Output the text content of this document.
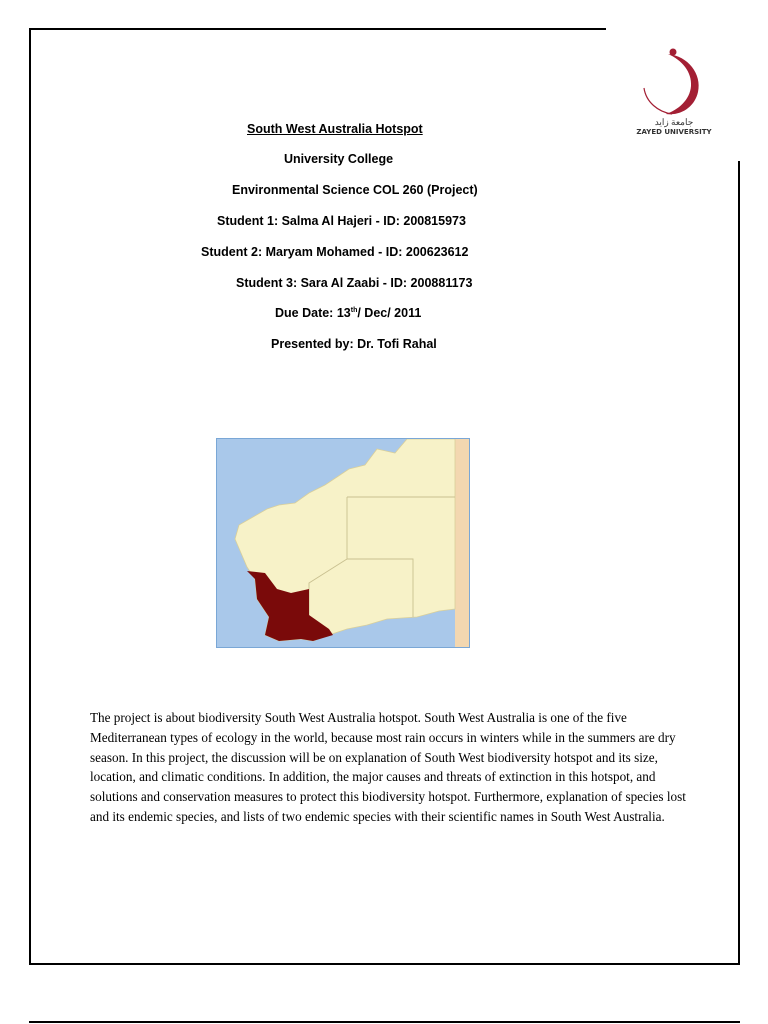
جامعة زايد
ZAYED UNIVERSITY
South West Australia Hotspot
University College
Environmental Science COL 260 (Project)
Student 1: Salma Al Hajeri - ID: 200815973
Student 2: Maryam Mohamed - ID: 200623612
Student 3: Sara Al Zaabi - ID: 200881173
Due Date: 13th/ Dec/ 2011
Presented by: Dr. Tofi Rahal

The project is about biodiversity South West Australia hotspot. South West Australia is one of the five Mediterranean types of ecology in the world, because most rain occurs in winters while in the summers are dry season. In this project, the discussion will be on explanation of South West biodiversity hotspot and its size, location, and climatic conditions. In addition, the major causes and threats of extinction in this hotspot, and solutions and conservation measures to protect this biodiversity hotspot. Furthermore, explanation of species lost and its endemic species, and lists of two endemic species with their scientific names in South West Australia.
